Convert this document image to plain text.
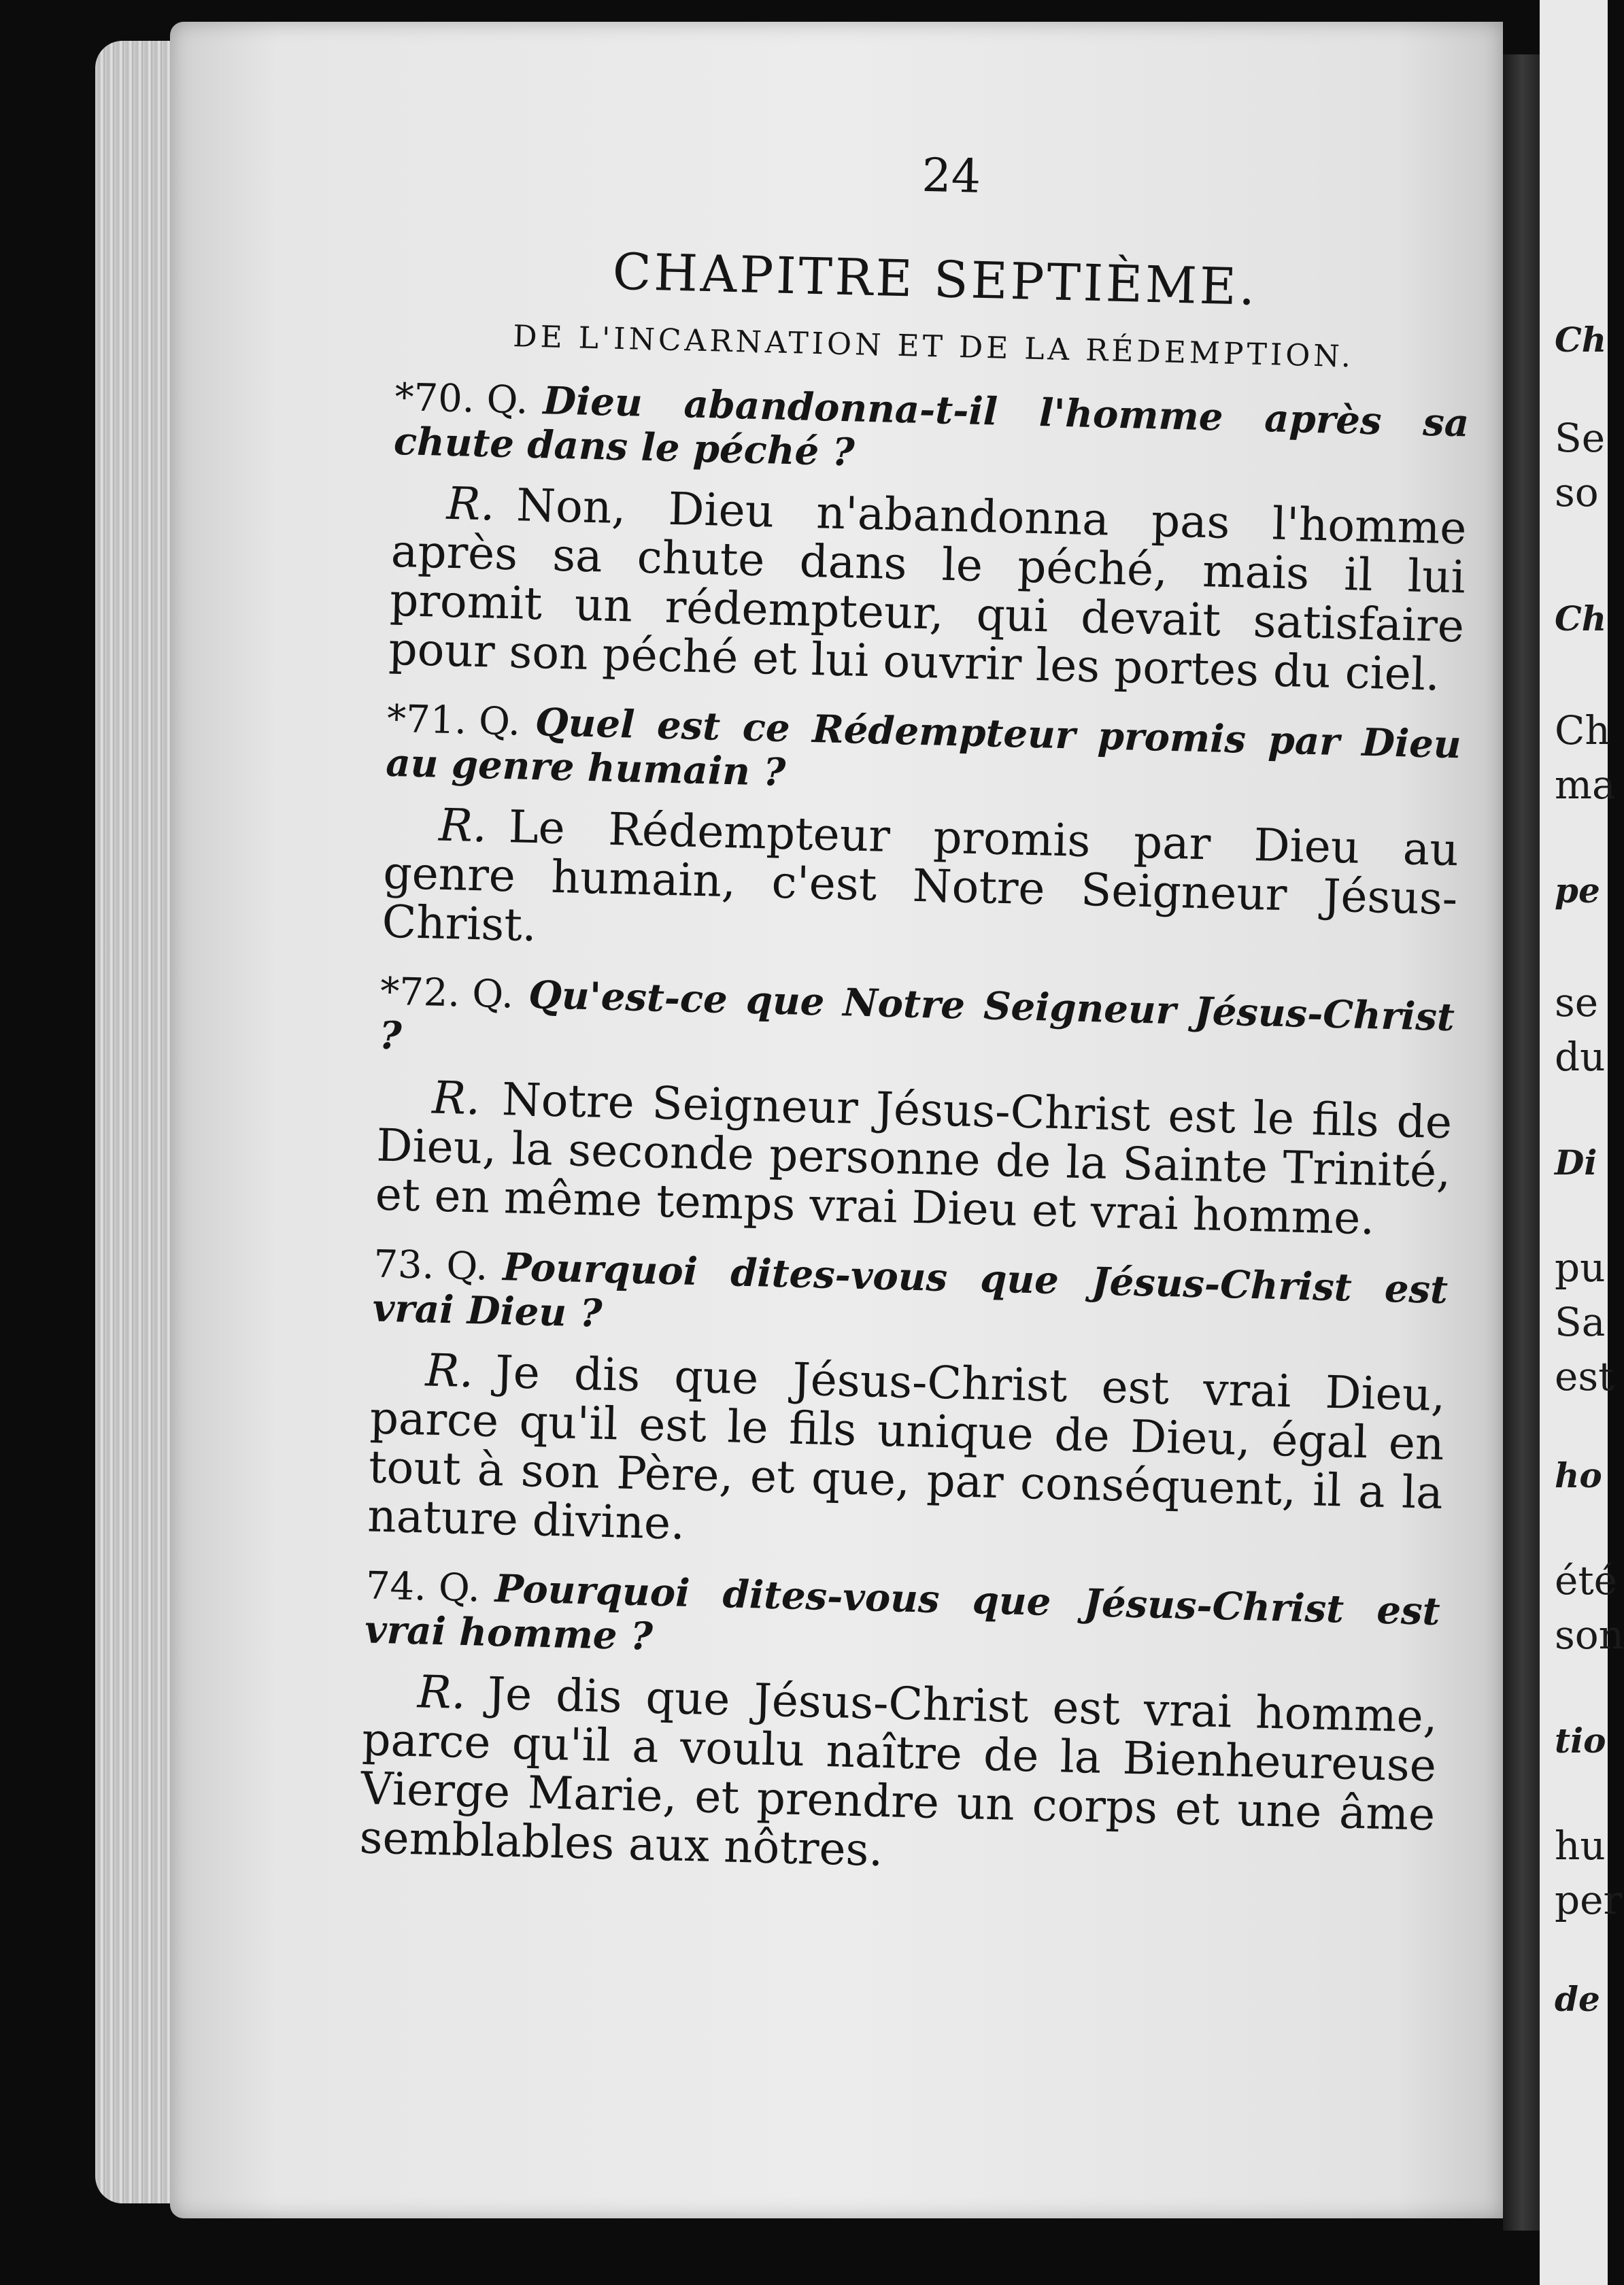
Ch
Se
so
Ch
Ch
ma
pe
se
du
Di
pu
Sa
est
ho
été
son
tio
hu
per
de
24
CHAPITRE SEPTIÈME.
DE L'INCARNATION ET DE LA RÉDEMPTION.
*70. Q. Dieu abandonna-t-il l'homme après sa chute dans le péché ?
R. Non, Dieu n'abandonna pas l'homme après sa chute dans le péché, mais il lui promit un rédempteur, qui devait satisfaire pour son péché et lui ouvrir les portes du ciel.
*71. Q. Quel est ce Rédempteur promis par Dieu au genre humain ?
R. Le Rédempteur promis par Dieu au genre humain, c'est Notre Seigneur Jésus-Christ.
*72. Q. Qu'est-ce que Notre Seigneur Jésus-Christ ?
R. Notre Seigneur Jésus-Christ est le fils de Dieu, la seconde personne de la Sainte Trinité, et en même temps vrai Dieu et vrai homme.
73. Q. Pourquoi dites-vous que Jésus-Christ est vrai Dieu ?
R. Je dis que Jésus-Christ est vrai Dieu, parce qu'il est le fils unique de Dieu, égal en tout à son Père, et que, par conséquent, il a la nature divine.
74. Q. Pourquoi dites-vous que Jésus-Christ est vrai homme ?
R. Je dis que Jésus-Christ est vrai homme, parce qu'il a voulu naître de la Bienheureuse Vierge Marie, et prendre un corps et une âme semblables aux nôtres.
